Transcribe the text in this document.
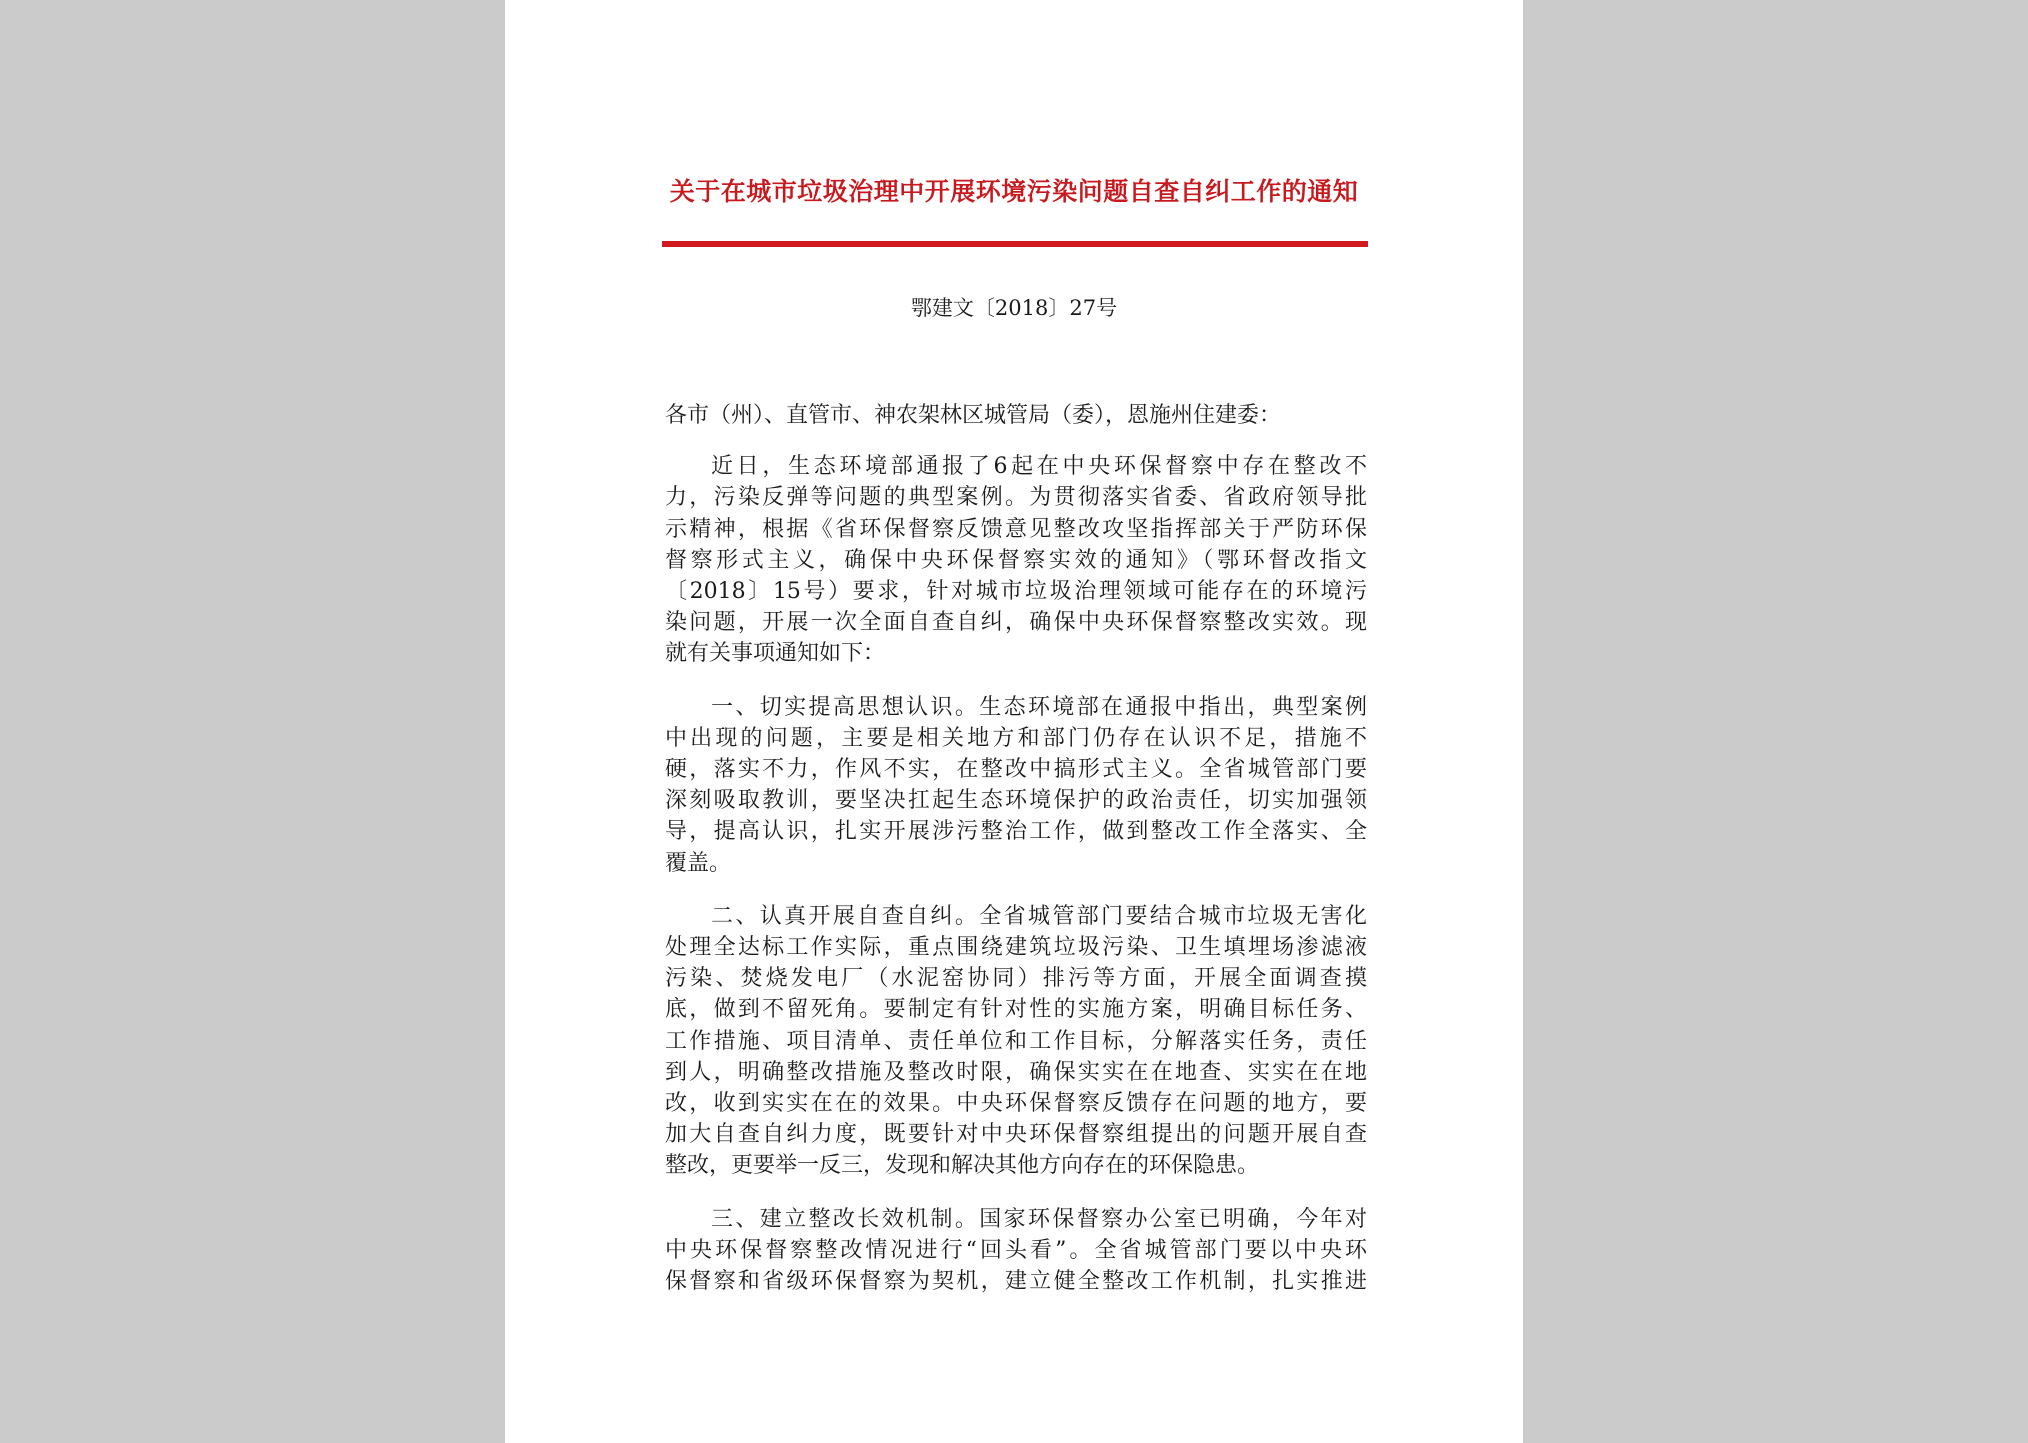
关于在城市垃圾治理中开展环境污染问题自查自纠工作的通知
鄂建文〔2018〕27号
各市（州）、直管市、神农架林区城管局（委），恩施州住建委：
近日，生态环境部通报了6起在中央环保督察中存在整改不
力，污染反弹等问题的典型案例。为贯彻落实省委、省政府领导批
示精神，根据《省环保督察反馈意见整改攻坚指挥部关于严防环保
督察形式主义，确保中央环保督察实效的通知》（鄂环督改指文
〔2018〕15号）要求，针对城市垃圾治理领域可能存在的环境污
染问题，开展一次全面自查自纠，确保中央环保督察整改实效。现
就有关事项通知如下：
一、切实提高思想认识。生态环境部在通报中指出，典型案例
中出现的问题，主要是相关地方和部门仍存在认识不足，措施不
硬，落实不力，作风不实，在整改中搞形式主义。全省城管部门要
深刻吸取教训，要坚决扛起生态环境保护的政治责任，切实加强领
导，提高认识，扎实开展涉污整治工作，做到整改工作全落实、全
覆盖。
二、认真开展自查自纠。全省城管部门要结合城市垃圾无害化
处理全达标工作实际，重点围绕建筑垃圾污染、卫生填埋场渗滤液
污染、焚烧发电厂（水泥窑协同）排污等方面，开展全面调查摸
底，做到不留死角。要制定有针对性的实施方案，明确目标任务、
工作措施、项目清单、责任单位和工作目标，分解落实任务，责任
到人，明确整改措施及整改时限，确保实实在在地查、实实在在地
改，收到实实在在的效果。中央环保督察反馈存在问题的地方，要
加大自查自纠力度，既要针对中央环保督察组提出的问题开展自查
整改，更要举一反三，发现和解决其他方向存在的环保隐患。
三、建立整改长效机制。国家环保督察办公室已明确，今年对
中央环保督察整改情况进行“回头看”。全省城管部门要以中央环
保督察和省级环保督察为契机，建立健全整改工作机制，扎实推进
